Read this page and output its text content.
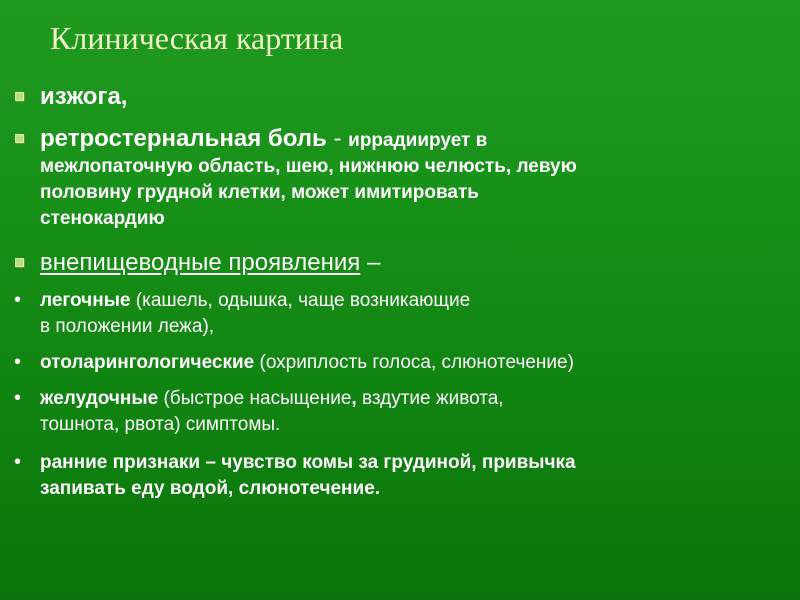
Клиническая картина
изжога,
ретростернальная боль - иррадиирует в
межлопаточную область, шею, нижнюю челюсть, левую
половину грудной клетки, может имитировать
стенокардию
внепищеводные проявления –
• легочные (кашель, одышка, чаще возникающие
в положении лежа),
• отоларингологические (охриплость голоса, слюнотечение)
• желудочные (быстрое насыщение, вздутие живота,
тошнота, рвота) симптомы.
• ранние признаки – чувство комы за грудиной, привычка
запивать еду водой, слюнотечение.
